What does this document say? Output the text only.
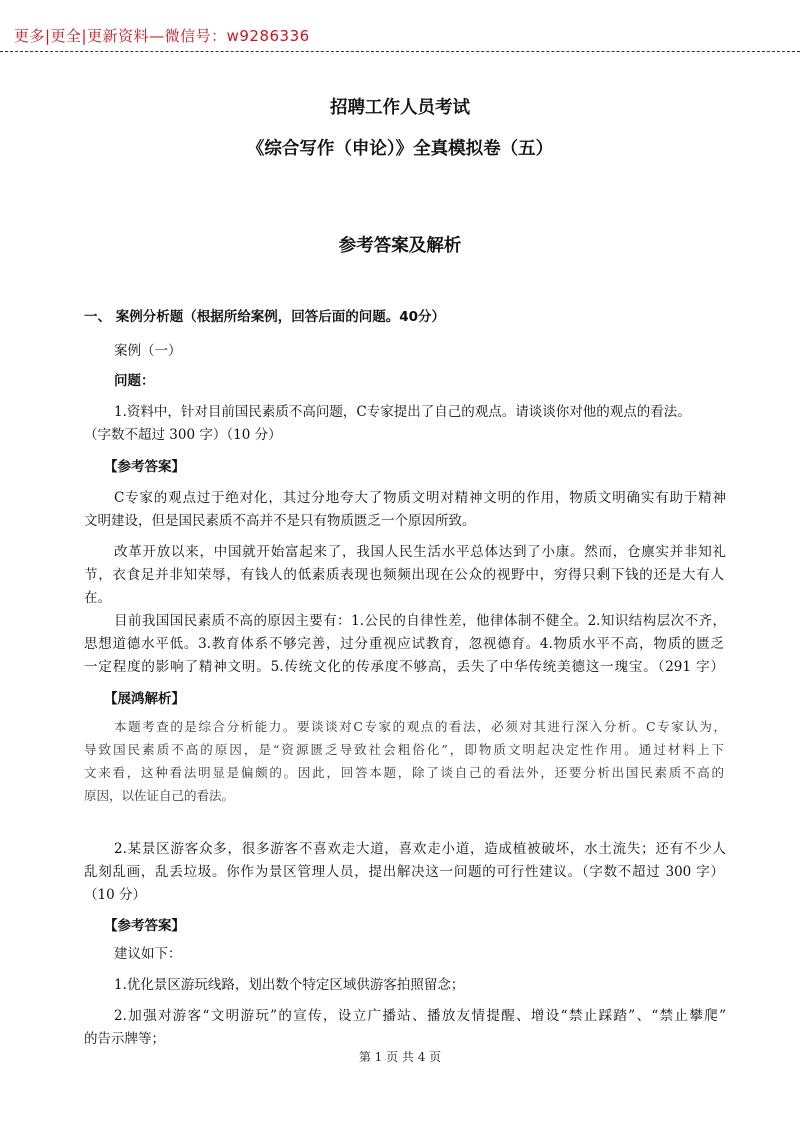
更多|更全|更新资料—微信号：w9286336
招聘工作人员考试
《综合写作（申论）》全真模拟卷（五）
参考答案及解析
一、 案例分析题（根据所给案例，回答后面的问题。40分）
案例（一）
问题：
1.资料中，针对目前国民素质不高问题，C专家提出了自己的观点。请谈谈你对他的观点的看法。
（字数不超过 300 字）（10 分）
【参考答案】
C专家的观点过于绝对化，其过分地夸大了物质文明对精神文明的作用，物质文明确实有助于精神
文明建设，但是国民素质不高并不是只有物质匮乏一个原因所致。
改革开放以来，中国就开始富起来了，我国人民生活水平总体达到了小康。然而，仓廪实并非知礼
节，衣食足并非知荣辱，有钱人的低素质表现也频频出现在公众的视野中，穷得只剩下钱的还是大有人
在。
目前我国国民素质不高的原因主要有：1.公民的自律性差，他律体制不健全。2.知识结构层次不齐，
思想道德水平低。3.教育体系不够完善，过分重视应试教育，忽视德育。4.物质水平不高，物质的匮乏
一定程度的影响了精神文明。5.传统文化的传承度不够高，丢失了中华传统美德这一瑰宝。（291 字）
【展鸿解析】
本题考查的是综合分析能力。要谈谈对C专家的观点的看法，必须对其进行深入分析。C专家认为，
导致国民素质不高的原因，是“资源匮乏导致社会粗俗化”，即物质文明起决定性作用。通过材料上下
文来看，这种看法明显是偏颇的。因此，回答本题，除了谈自己的看法外，还要分析出国民素质不高的
原因，以佐证自己的看法。
2.某景区游客众多，很多游客不喜欢走大道，喜欢走小道，造成植被破坏，水土流失；还有不少人
乱刻乱画，乱丢垃圾。你作为景区管理人员，提出解决这一问题的可行性建议。（字数不超过 300 字）
（10 分）
【参考答案】
建议如下：
1.优化景区游玩线路，划出数个特定区域供游客拍照留念；
2.加强对游客“文明游玩”的宣传，设立广播站、播放友情提醒、增设“禁止踩踏”、“禁止攀爬”
的告示牌等；
第 1 页 共 4 页
